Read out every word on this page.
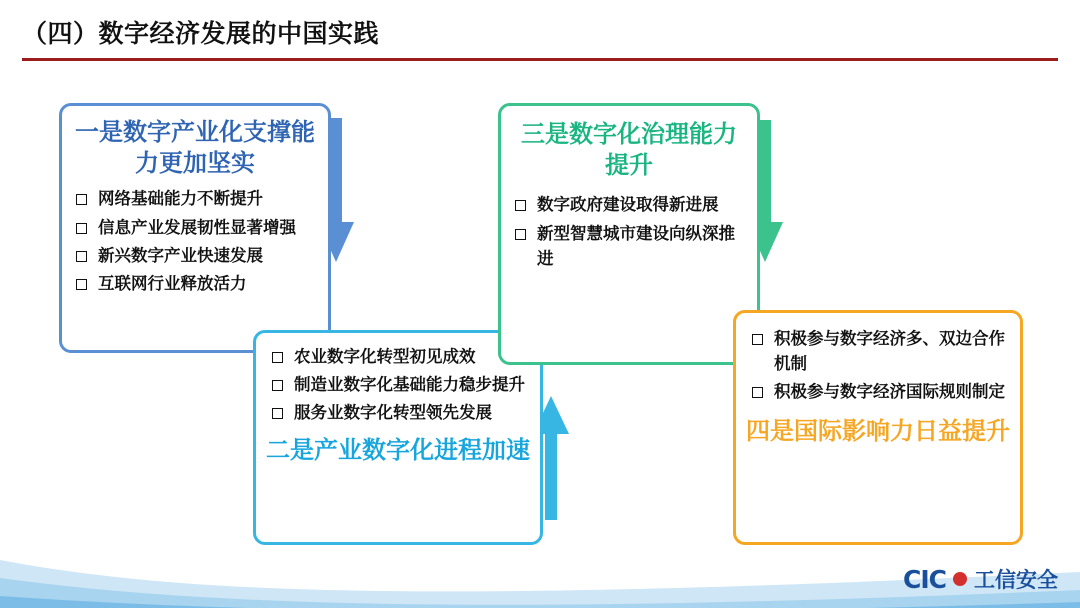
（四）数字经济发展的中国实践
一是数字产业化支撑能力更加坚实
网络基础能力不断提升
信息产业发展韧性显著增强
新兴数字产业快速发展
互联网行业释放活力
农业数字化转型初见成效
制造业数字化基础能力稳步提升
服务业数字化转型领先发展
二是产业数字化进程加速
三是数字化治理能力提升
数字政府建设取得新进展
新型智慧城市建设向纵深推进
积极参与数字经济多、双边合作机制
积极参与数字经济国际规则制定
四是国际影响力日益提升
CIC 工信安全
